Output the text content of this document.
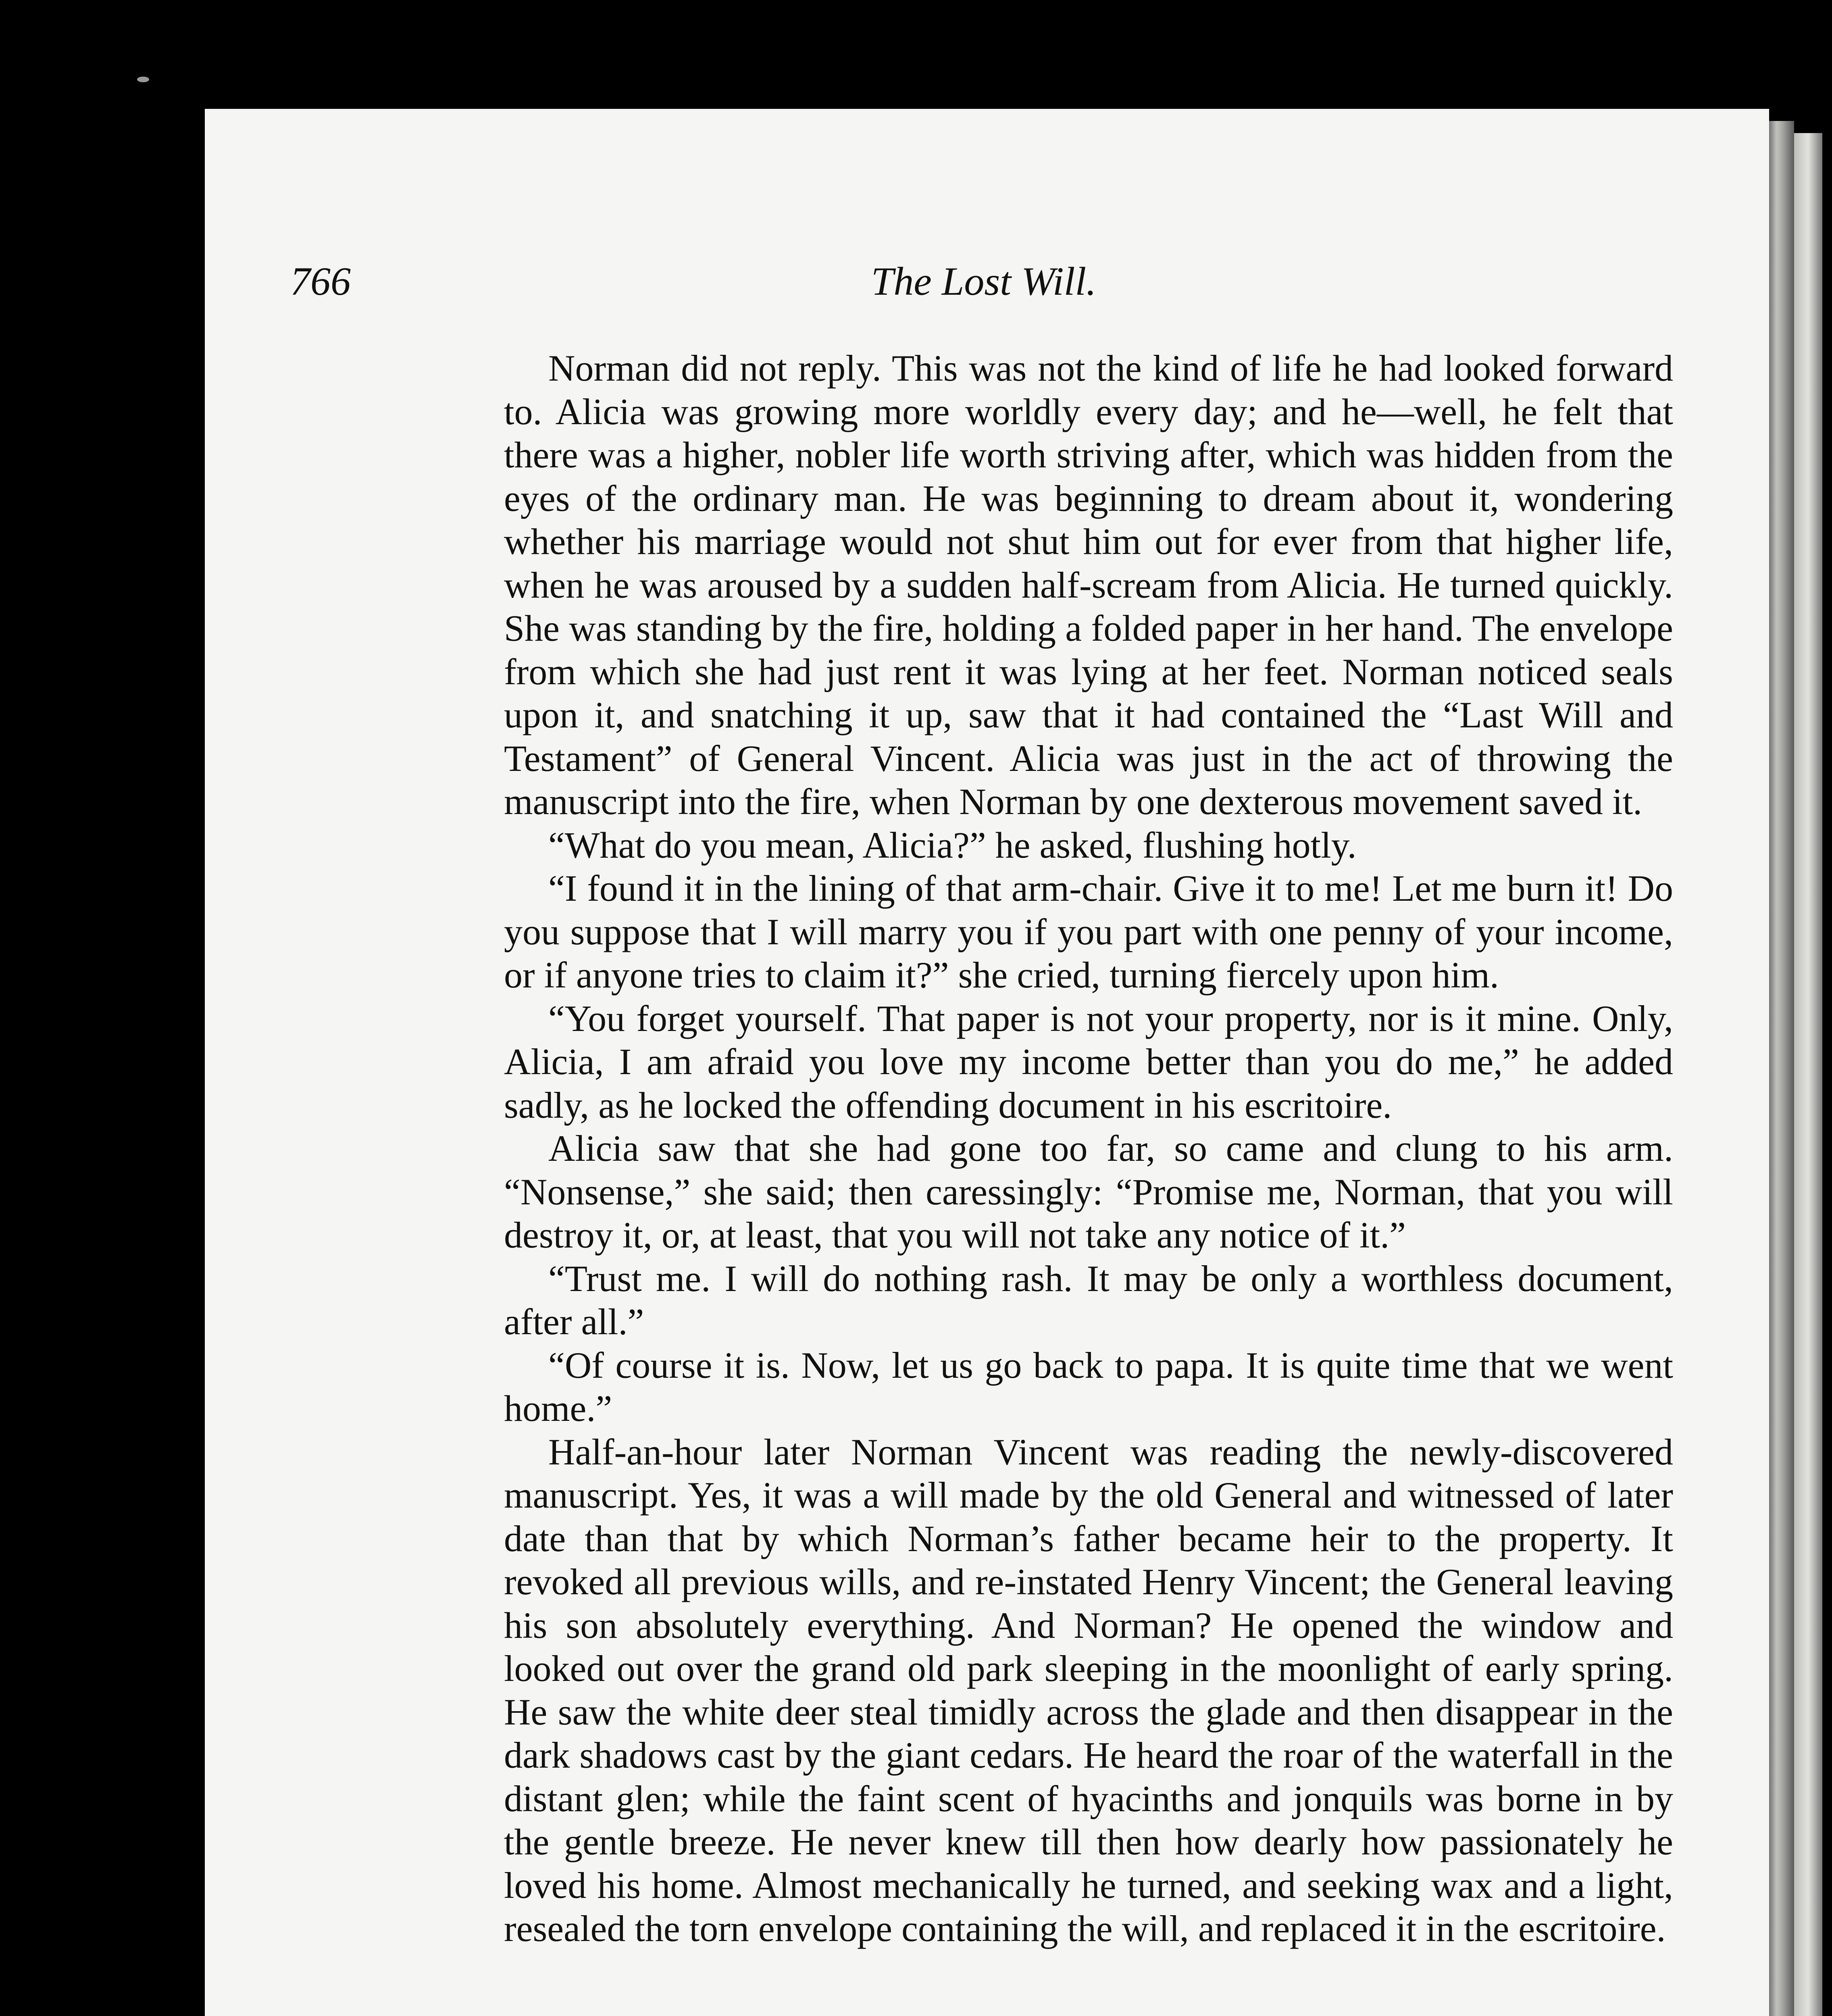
766	The Lost Will.

Norman did not reply. This was not the kind of life he had looked forward to. Alicia was growing more worldly every day; and he—well, he felt that there was a higher, nobler life worth striving after, which was hidden from the eyes of the ordinary man. He was beginning to dream about it, wondering whether his marriage would not shut him out for ever from that higher life, when he was aroused by a sudden half-scream from Alicia. He turned quickly. She was standing by the fire, holding a folded paper in her hand. The envelope from which she had just rent it was lying at her feet. Norman noticed seals upon it, and snatching it up, saw that it had contained the “Last Will and Testament” of General Vincent. Alicia was just in the act of throwing the manuscript into the fire, when Norman by one dexterous movement saved it.

“What do you mean, Alicia?” he asked, flushing hotly.

“I found it in the lining of that arm-chair. Give it to me! Let me burn it! Do you suppose that I will marry you if you part with one penny of your income, or if anyone tries to claim it?” she cried, turning fiercely upon him.

“You forget yourself. That paper is not your property, nor is it mine. Only, Alicia, I am afraid you love my income better than you do me,” he added sadly, as he locked the offending document in his escritoire.

Alicia saw that she had gone too far, so came and clung to his arm. “Nonsense,” she said; then caressingly: “Promise me, Norman, that you will destroy it, or, at least, that you will not take any notice of it.”

“Trust me. I will do nothing rash. It may be only a worthless document, after all.”

“Of course it is. Now, let us go back to papa. It is quite time that we went home.”

Half-an-hour later Norman Vincent was reading the newly-discovered manuscript. Yes, it was a will made by the old General and witnessed of later date than that by which Norman’s father became heir to the property. It revoked all previous wills, and re-instated Henry Vincent; the General leaving his son absolutely everything. And Norman? He opened the window and looked out over the grand old park sleeping in the moonlight of early spring. He saw the white deer steal timidly across the glade and then disappear in the dark shadows cast by the giant cedars. He heard the roar of the waterfall in the distant glen; while the faint scent of hyacinths and jonquils was borne in by the gentle breeze. He never knew till then how dearly how passionately he loved his home. Almost mechanically he turned, and seeking wax and a light, resealed the torn envelope containing the will, and replaced it in the escritoire.
